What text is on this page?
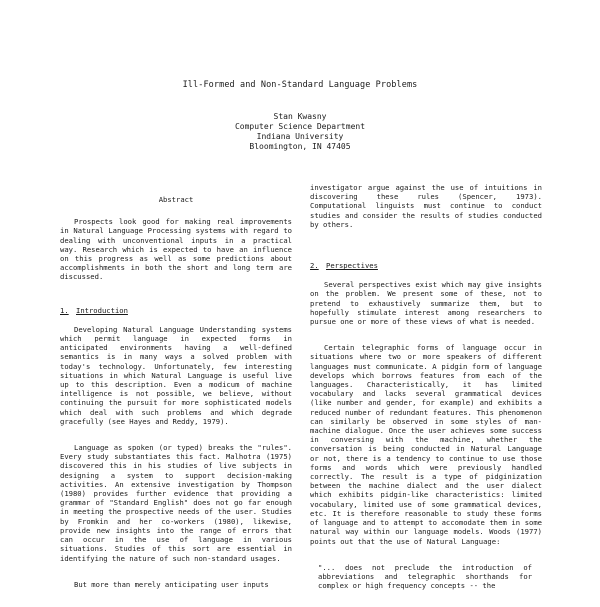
Ill-Formed and Non-Standard Language Problems
Stan Kwasny
Computer Science Department
Indiana University
Bloomington, IN 47405
Abstract

Prospects look good for making real improvements in Natural Language Processing systems with regard to dealing with unconventional inputs in a practical way. Research which is expected to have an influence on this progress as well as some predictions about accomplishments in both the short and long term are discussed.

1. Introduction

Developing Natural Language Understanding systems which permit language in expected forms in anticipated environments having a well-defined semantics is in many ways a solved problem with today's technology. Unfortunately, few interesting situations in which Natural Language is useful live up to this description. Even a modicum of machine intelligence is not possible, we believe, without continuing the pursuit for more sophisticated models which deal with such problems and which degrade gracefully (see Hayes and Reddy, 1979).

Language as spoken (or typed) breaks the "rules". Every study substantiates this fact. Malhotra (1975) discovered this in his studies of live subjects in designing a system to support decision-making activities. An extensive investigation by Thompson (1980) provides further evidence that providing a grammar of "Standard English" does not go far enough in meeting the prospective needs of the user. Studies by Fromkin and her co-workers (1980), likewise, provide new insights into the range of errors that can occur in the use of language in various situations. Studies of this sort are essential in identifying the nature of such non-standard usages.

But more than merely anticipating user inputs

investigator argue against the use of intuitions in discovering these rules (Spencer, 1973). Computational linguists must continue to conduct studies and consider the results of studies conducted by others.

2. Perspectives

Several perspectives exist which may give insights on the problem. We present some of these, not to pretend to exhaustively summarize them, but to hopefully stimulate interest among researchers to pursue one or more of these views of what is needed.

Certain telegraphic forms of language occur in situations where two or more speakers of different languages must communicate. A pidgin form of language develops which borrows features from each of the languages. Characteristically, it has limited vocabulary and lacks several grammatical devices (like number and gender, for example) and exhibits a reduced number of redundant features. This phenomenon can similarly be observed in some styles of man-machine dialogue. Once the user achieves some success in conversing with the machine, whether the conversation is being conducted in Natural Language or not, there is a tendency to continue to use those forms and words which were previously handled correctly. The result is a type of pidginization between the machine dialect and the user dialect which exhibits pidgin-like characteristics: limited vocabulary, limited use of some grammatical devices, etc. It is therefore reasonable to study these forms of language and to attempt to accomodate them in some natural way within our language models. Woods (1977) points out that the use of Natural Language:

"... does not preclude the introduction of abbreviations and telegraphic shorthands for complex or high frequency concepts -- the
